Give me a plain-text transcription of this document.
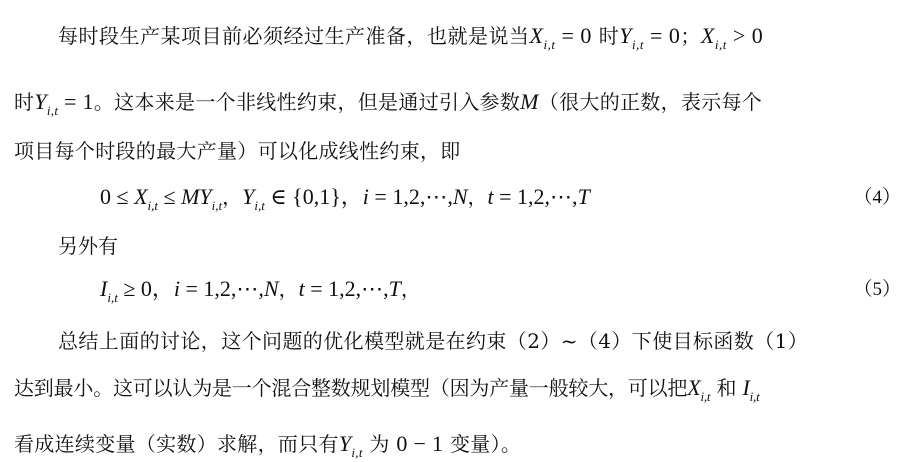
每时段生产某项目前必须经过生产准备，也就是说当$X_{i,t} = 0$ 时$Y_{i,t} = 0$；$X_{i,t} > 0$
时$Y_{i,t} = 1$。这本来是一个非线性约束，但是通过引入参数M（很大的正数，表示每个
项目每个时段的最大产量）可以化成线性约束，即
$0 \le X_{i,t} \le MY_{i,t}$，$Y_{i,t}$ ∈ {0,1}，i = 1,2,⋯,N，t = 1,2,⋯,T	（4）
另外有
$I_{i,t} \ge 0$，i = 1,2,⋯,N，t = 1,2,⋯,T，	（5）
总结上面的讨论，这个问题的优化模型就是在约束（2）~（4）下使目标函数（1）
达到最小。这可以认为是一个混合整数规划模型（因为产量一般较大，可以把$X_{i,t}$ 和 $I_{i,t}$
看成连续变量（实数）求解，而只有$Y_{i,t}$ 为 0 − 1 变量）。
